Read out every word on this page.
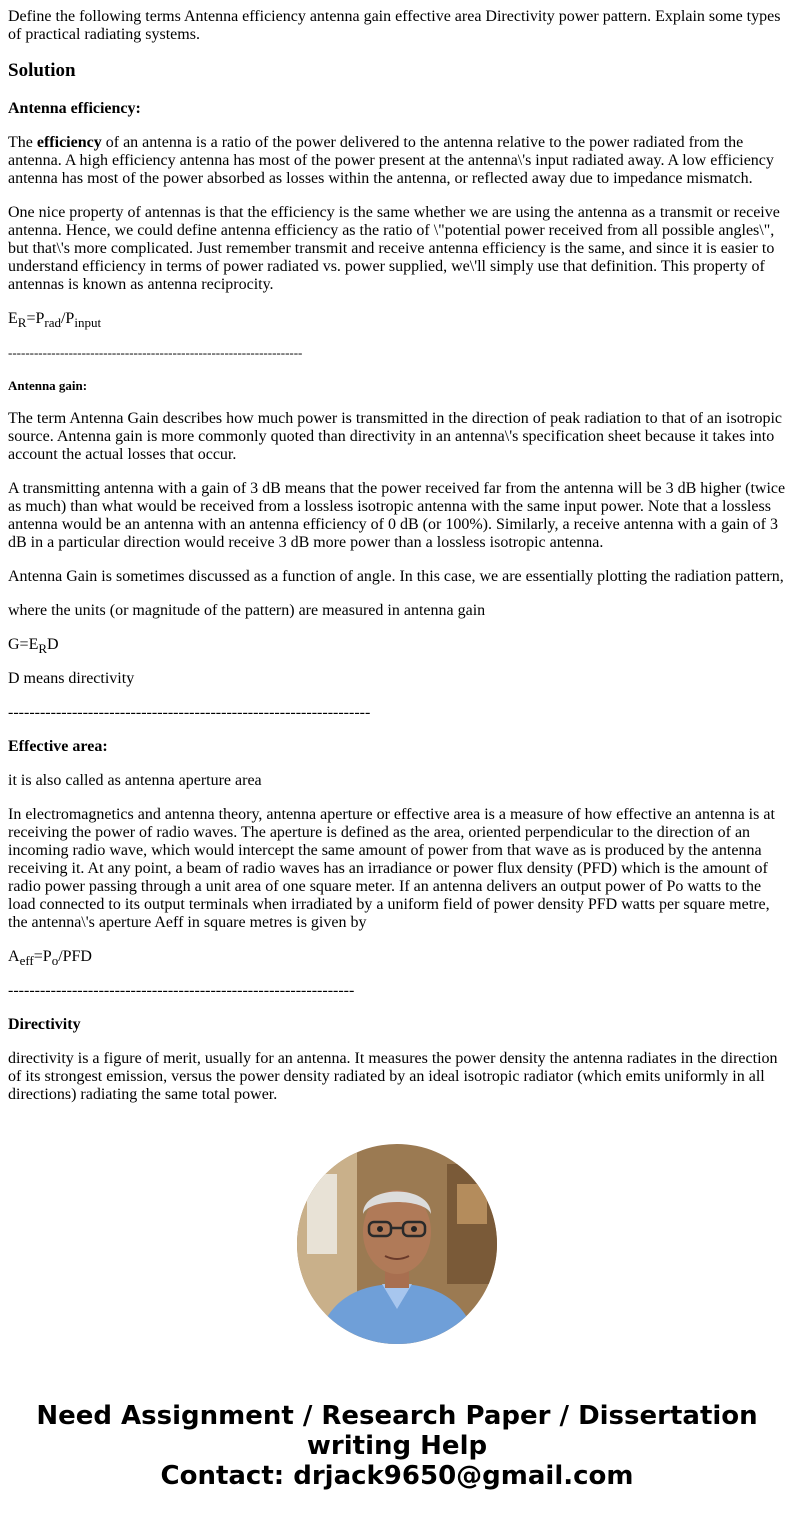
Define the following terms Antenna efficiency antenna gain effective area Directivity power pattern. Explain some types of practical radiating systems.

Solution
Antenna efficiency:

The efficiency of an antenna is a ratio of the power delivered to the antenna relative to the power radiated from the antenna. A high efficiency antenna has most of the power present at the antenna\'s input radiated away. A low efficiency antenna has most of the power absorbed as losses within the antenna, or reflected away due to impedance mismatch.

One nice property of antennas is that the efficiency is the same whether we are using the antenna as a transmit or receive antenna. Hence, we could define antenna efficiency as the ratio of \"potential power received from all possible angles\", but that\'s more complicated. Just remember transmit and receive antenna efficiency is the same, and since it is easier to understand efficiency in terms of power radiated vs. power supplied, we\'ll simply use that definition. This property of antennas is known as antenna reciprocity.

$E_R=P_{rad}/P_{input}$

--------------------------------------------------------------------

Antenna gain:

The term Antenna Gain describes how much power is transmitted in the direction of peak radiation to that of an isotropic source. Antenna gain is more commonly quoted than directivity in an antenna\'s specification sheet because it takes into account the actual losses that occur.

A transmitting antenna with a gain of 3 dB means that the power received far from the antenna will be 3 dB higher (twice as much) than what would be received from a lossless isotropic antenna with the same input power. Note that a lossless antenna would be an antenna with an antenna efficiency of 0 dB (or 100%). Similarly, a receive antenna with a gain of 3 dB in a particular direction would receive 3 dB more power than a lossless isotropic antenna.

Antenna Gain is sometimes discussed as a function of angle. In this case, we are essentially plotting the radiation pattern,

where the units (or magnitude of the pattern) are measured in antenna gain

$G=E_RD$

D means directivity

--------------------------------------------------------------------

Effective area:

it is also called as antenna aperture area

In electromagnetics and antenna theory, antenna aperture or effective area is a measure of how effective an antenna is at receiving the power of radio waves. The aperture is defined as the area, oriented perpendicular to the direction of an incoming radio wave, which would intercept the same amount of power from that wave as is produced by the antenna receiving it. At any point, a beam of radio waves has an irradiance or power flux density (PFD) which is the amount of radio power passing through a unit area of one square meter. If an antenna delivers an output power of Po watts to the load connected to its output terminals when irradiated by a uniform field of power density PFD watts per square metre, the antenna\'s aperture Aeff in square metres is given by

$A_{eff}=P_o$/PFD

-----------------------------------------------------------------

Directivity

directivity is a figure of merit, usually for an antenna. It measures the power density the antenna radiates in the direction of its strongest emission, versus the power density radiated by an ideal isotropic radiator (which emits uniformly in all directions) radiating the same total power.

Need Assignment / Research Paper / Dissertation writing Help
Contact: drjack9650@gmail.com
